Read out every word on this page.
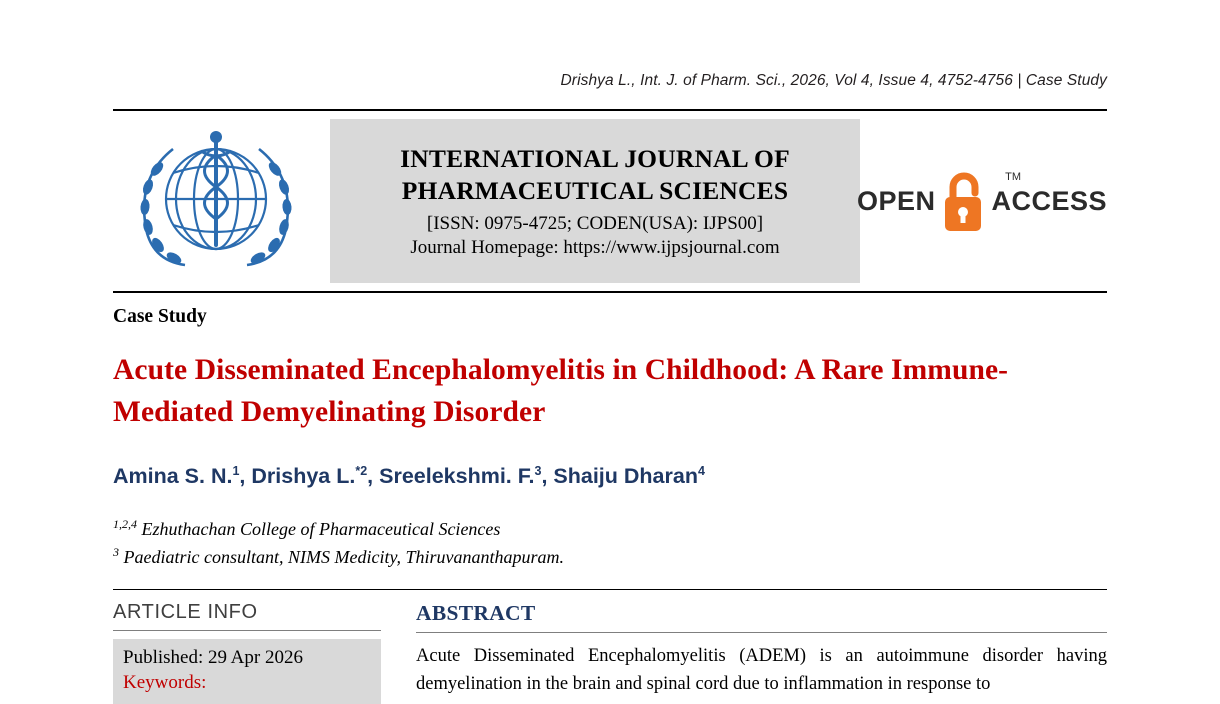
Drishya L., Int. J. of Pharm. Sci., 2026, Vol 4, Issue 4, 4752-4756 | Case Study
INTERNATIONAL JOURNAL OF
PHARMACEUTICAL SCIENCES
[ISSN: 0975-4725; CODEN(USA): IJPS00]
Journal Homepage: https://www.ijpsjournal.com
OPEN
TM
ACCESS
Case Study
Acute Disseminated Encephalomyelitis in Childhood: A Rare Immune-Mediated Demyelinating Disorder
Amina S. N.$^1$, Drishya L.$^{*2}$, Sreelekshmi. F.$^3$, Shaiju Dharan$^4$
$^{1,2,4}$ Ezhuthachan College of Pharmaceutical Sciences
$^3$ Paediatric consultant, NIMS Medicity, Thiruvananthapuram.
ARTICLE INFO
Published: 29 Apr 2026
Keywords:
ABSTRACT
Acute Disseminated Encephalomyelitis (ADEM) is an autoimmune disorder having demyelination in the brain and spinal cord due to inflammation in response to
